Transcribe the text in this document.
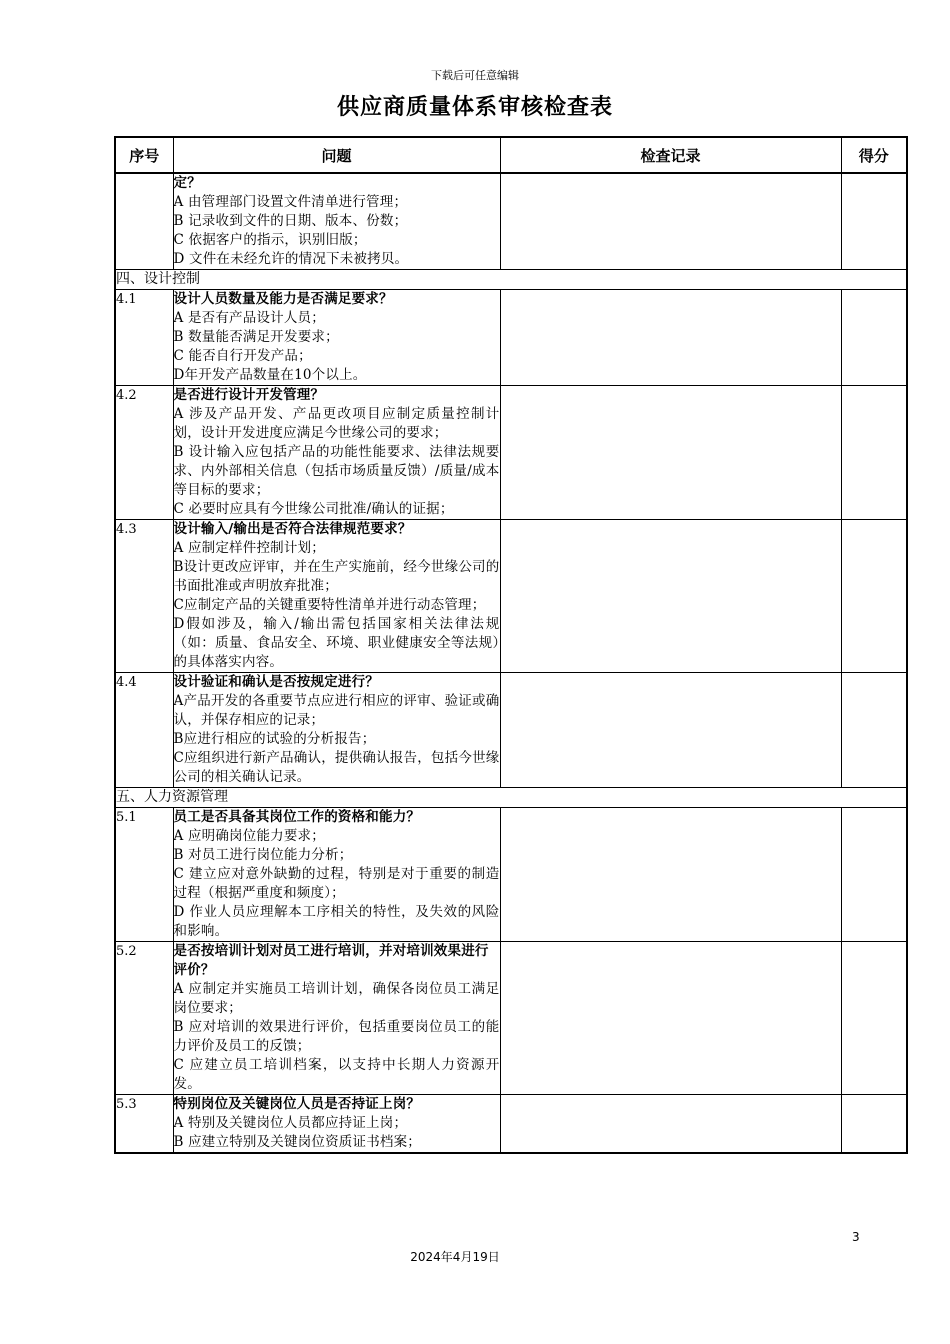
下载后可任意编辑
供应商质量体系审核检查表
序号	问题	检查记录	得分

	定？
A 由管理部门设置文件清单进行管理；
B 记录收到文件的日期、版本、份数；
C 依据客户的指示，识别旧版；
D 文件在未经允许的情况下未被拷贝。		

四、设计控制			
4.1	设计人员数量及能力是否满足要求？
A 是否有产品设计人员；
B 数量能否满足开发要求；
C 能否自行开发产品；
D年开发产品数量在10个以上。		

4.2	是否进行设计开发管理？
A 涉及产品开发、产品更改项目应制定质量控制计划，设计开发进度应满足今世缘公司的要求；
B 设计输入应包括产品的功能性能要求、法律法规要求、内外部相关信息（包括市场质量反馈）/质量/成本等目标的要求；
C 必要时应具有今世缘公司批准/确认的证据；		

4.3	设计输入/输出是否符合法律规范要求？
A 应制定样件控制计划；
B设计更改应评审，并在生产实施前，经今世缘公司的书面批准或声明放弃批准；
C应制定产品的关键重要特性清单并进行动态管理；
D假如涉及，输入/输出需包括国家相关法律法规（如：质量、食品安全、环境、职业健康安全等法规）的具体落实内容。		

4.4	设计验证和确认是否按规定进行？
A产品开发的各重要节点应进行相应的评审、验证或确认，并保存相应的记录；
B应进行相应的试验的分析报告；
C应组织进行新产品确认，提供确认报告，包括今世缘公司的相关确认记录。		

五、人力资源管理			
5.1	员工是否具备其岗位工作的资格和能力？
A 应明确岗位能力要求；
B 对员工进行岗位能力分析；
C 建立应对意外缺勤的过程，特别是对于重要的制造过程（根据严重度和频度）；
D 作业人员应理解本工序相关的特性，及失效的风险和影响。		

5.2	是否按培训计划对员工进行培训，并对培训效果进行评价？
A 应制定并实施员工培训计划，确保各岗位员工满足岗位要求；
B 应对培训的效果进行评价，包括重要岗位员工的能力评价及员工的反馈；
C 应建立员工培训档案，以支持中长期人力资源开发。		

5.3	特别岗位及关键岗位人员是否持证上岗？
A 特别及关键岗位人员都应持证上岗；
B 应建立特别及关键岗位资质证书档案；		

3
2024年4月19日
